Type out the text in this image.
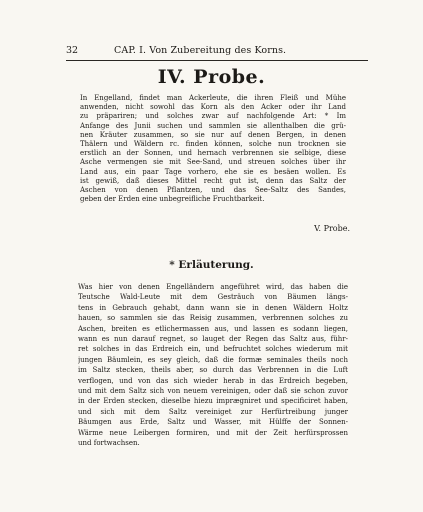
32	CAP. I. Von Zubereitung des Korns.
IV. Probe.
In Engelland, findet man Ackerleute, die ihren Fleiß und Mühe
anwenden, nicht sowohl das Korn als den Acker oder ihr Land
zu präpariren; und solches zwar auf nachfolgende Art: * Im
Anfange des Junii suchen und sammlen sie allenthalben die grü-
nen Kräuter zusammen, so sie nur auf denen Bergen, in denen
Thälern und Wäldern rc. finden können, solche nun trocknen sie
erstlich an der Sonnen, und hernach verbrennen sie selbige, diese
Asche vermengen sie mit See-Sand, und streuen solches über ihr
Land aus, ein paar Tage vorhero, ehe sie es besäen wollen. Es
ist gewiß, daß dieses Mittel recht gut ist, denn das Saltz der
Aschen von denen Pflantzen, und das See-Saltz des Sandes,
geben der Erden eine unbegreifliche Fruchtbarkeit.
V. Probe.
* Erläuterung.
Was hier von denen Engelländern angeführet wird, das haben die
Teutsche Wald-Leute mit dem Gesträuch von Bäumen längs-
tens in Gebrauch gehabt, dann wann sie in denen Wäldern Holtz
hauen, so sammlen sie das Reisig zusammen, verbrennen solches zu
Aschen, breiten es etlichermassen aus, und lassen es sodann liegen,
wann es nun darauf regnet, so lauget der Regen das Saltz aus, führ-
ret solches in das Erdreich ein, und befruchtet solches wiederum mit
jungen Bäumlein, es sey gleich, daß die formæ seminales theils noch
im Saltz stecken, theils aber, so durch das Verbrennen in die Luft
verflogen, und von das sich wieder herab in das Erdreich begeben,
und mit dem Saltz sich von neuem vereinigen, oder daß sie schon zuvor
in der Erden stecken, dieselbe hiezu imprægniret und specificiret haben,
und sich mit dem Saltz vereiniget zur Herfürtreibung junger
Bäumgen aus Erde, Saltz und Wasser, mit Hülffe der Sonnen-
Wärme neue Leibergen formiren, und mit der Zeit herfürsprossen
und fortwachsen.
